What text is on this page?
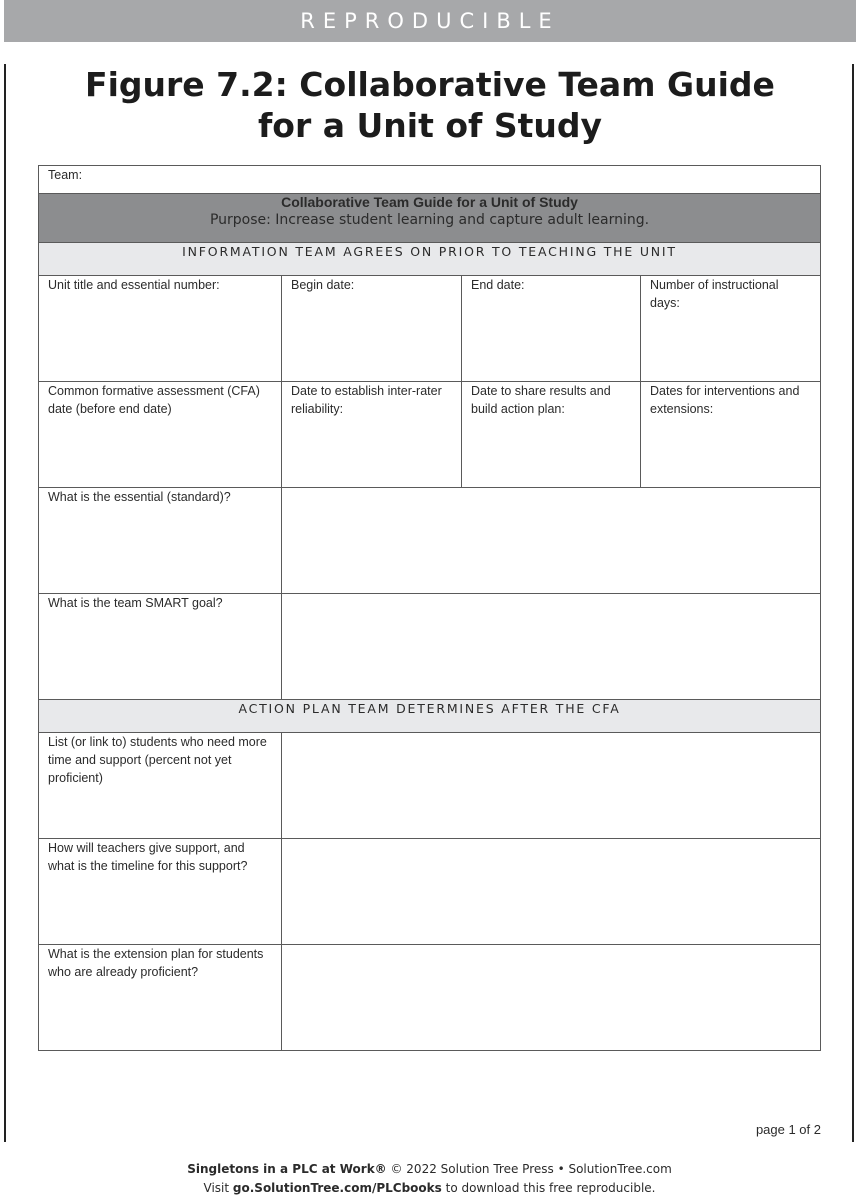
REPRODUCIBLE
Figure 7.2: Collaborative Team Guide
for a Unit of Study
Team:			

Collaborative Team Guide for a Unit of Study
Purpose: Increase student learning and capture adult learning.			

INFORMATION TEAM AGREES ON PRIOR TO TEACHING THE UNIT			
Unit title and essential number:	Begin date:	End date:	Number of instructional days:
Common formative assessment (CFA) date (before end date)	Date to establish inter-rater reliability:	Date to share results and build action plan:	Dates for interventions and extensions:
What is the essential (standard)?			
What is the team SMART goal?			
ACTION PLAN TEAM DETERMINES AFTER THE CFA			
List (or link to) students who need more time and support (percent not yet proficient)			
How will teachers give support, and what is the timeline for this support?			
What is the extension plan for students who are already proficient?			
page 1 of 2
Singletons in a PLC at Work® © 2022 Solution Tree Press • SolutionTree.com
Visit go.SolutionTree.com/PLCbooks to download this free reproducible.
